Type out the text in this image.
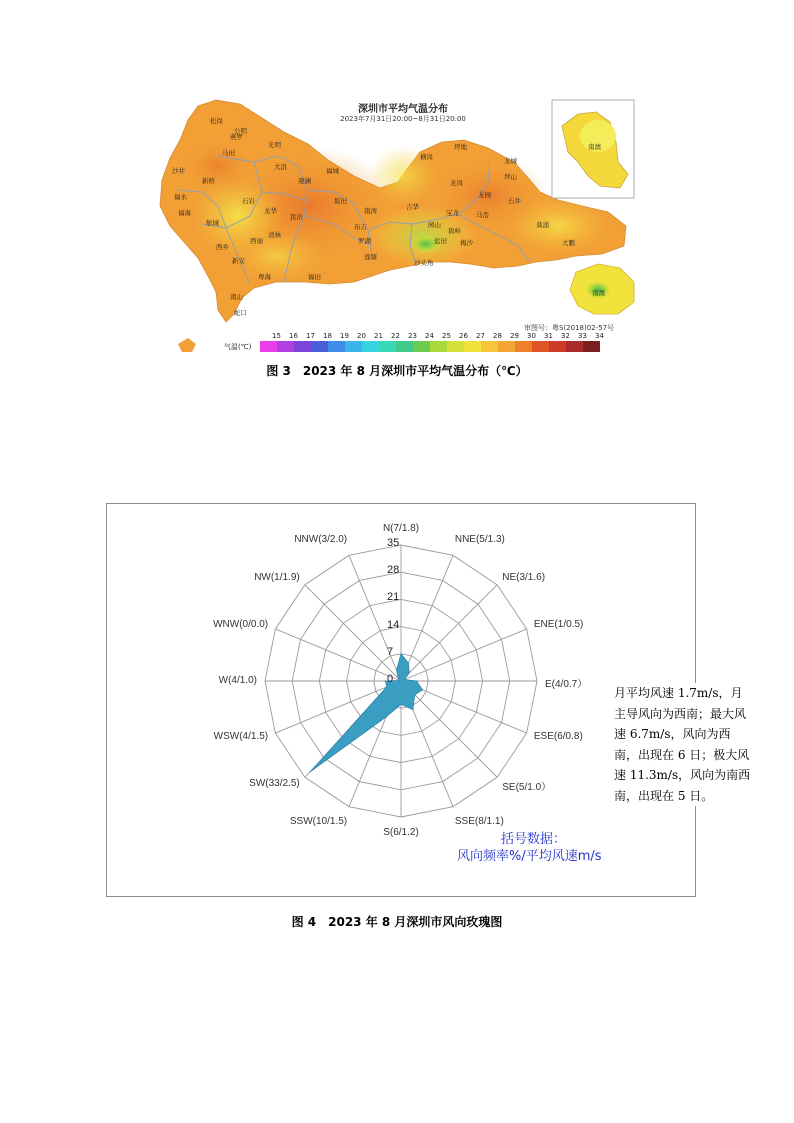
深圳市平均气温分布
2023年7月31日20:00~8月31日20:00
松岗
公明
沙井
福永
新桥
石岩
光明
马田
观澜
龙华
民治
大浪	福城
坂田
布吉
南湾
横岗
坪地
龙岗
坪山
龙城
宝龙
葵涌
大鹏
南澳
西丽
粤海
南山
蛇口
福田
罗湖
莲塘
盐田
沙头角
梅沙
西乡
新安
航城
燕罗
清林
龙园
吉华
园山
碧岭
马峦
石井
南澳
福海
审图号：粤S(2018)02-57号
气温(℃)
15	16	17	18	19	20	21	22	23	24	25	26	27	28	29	30	31	32	33	34
图 3　2023 年 8 月深圳市平均气温分布（℃）
0
7
14
21
28
35
N(7/1.8)
NNE(5/1.3)
NE(3/1.6)
ENE(1/0.5)
E(4/0.7）
ESE(6/0.8)
SE(5/1.0）
SSE(8/1.1)
S(6/1.2)
SSW(10/1.5)
SW(33/2.5)
WSW(4/1.5)
W(4/1.0)
WNW(0/0.0)
NW(1/1.9)
NNW(3/2.0)
括号数据：
风向频率%/平均风速m/s
月平均风速 1.7m/s，月主导风向为西南；最大风速 6.7m/s，风向为西南，出现在 6 日；极大风速 11.3m/s，风向为南西南，出现在 5 日。
图 4　2023 年 8 月深圳市风向玫瑰图
